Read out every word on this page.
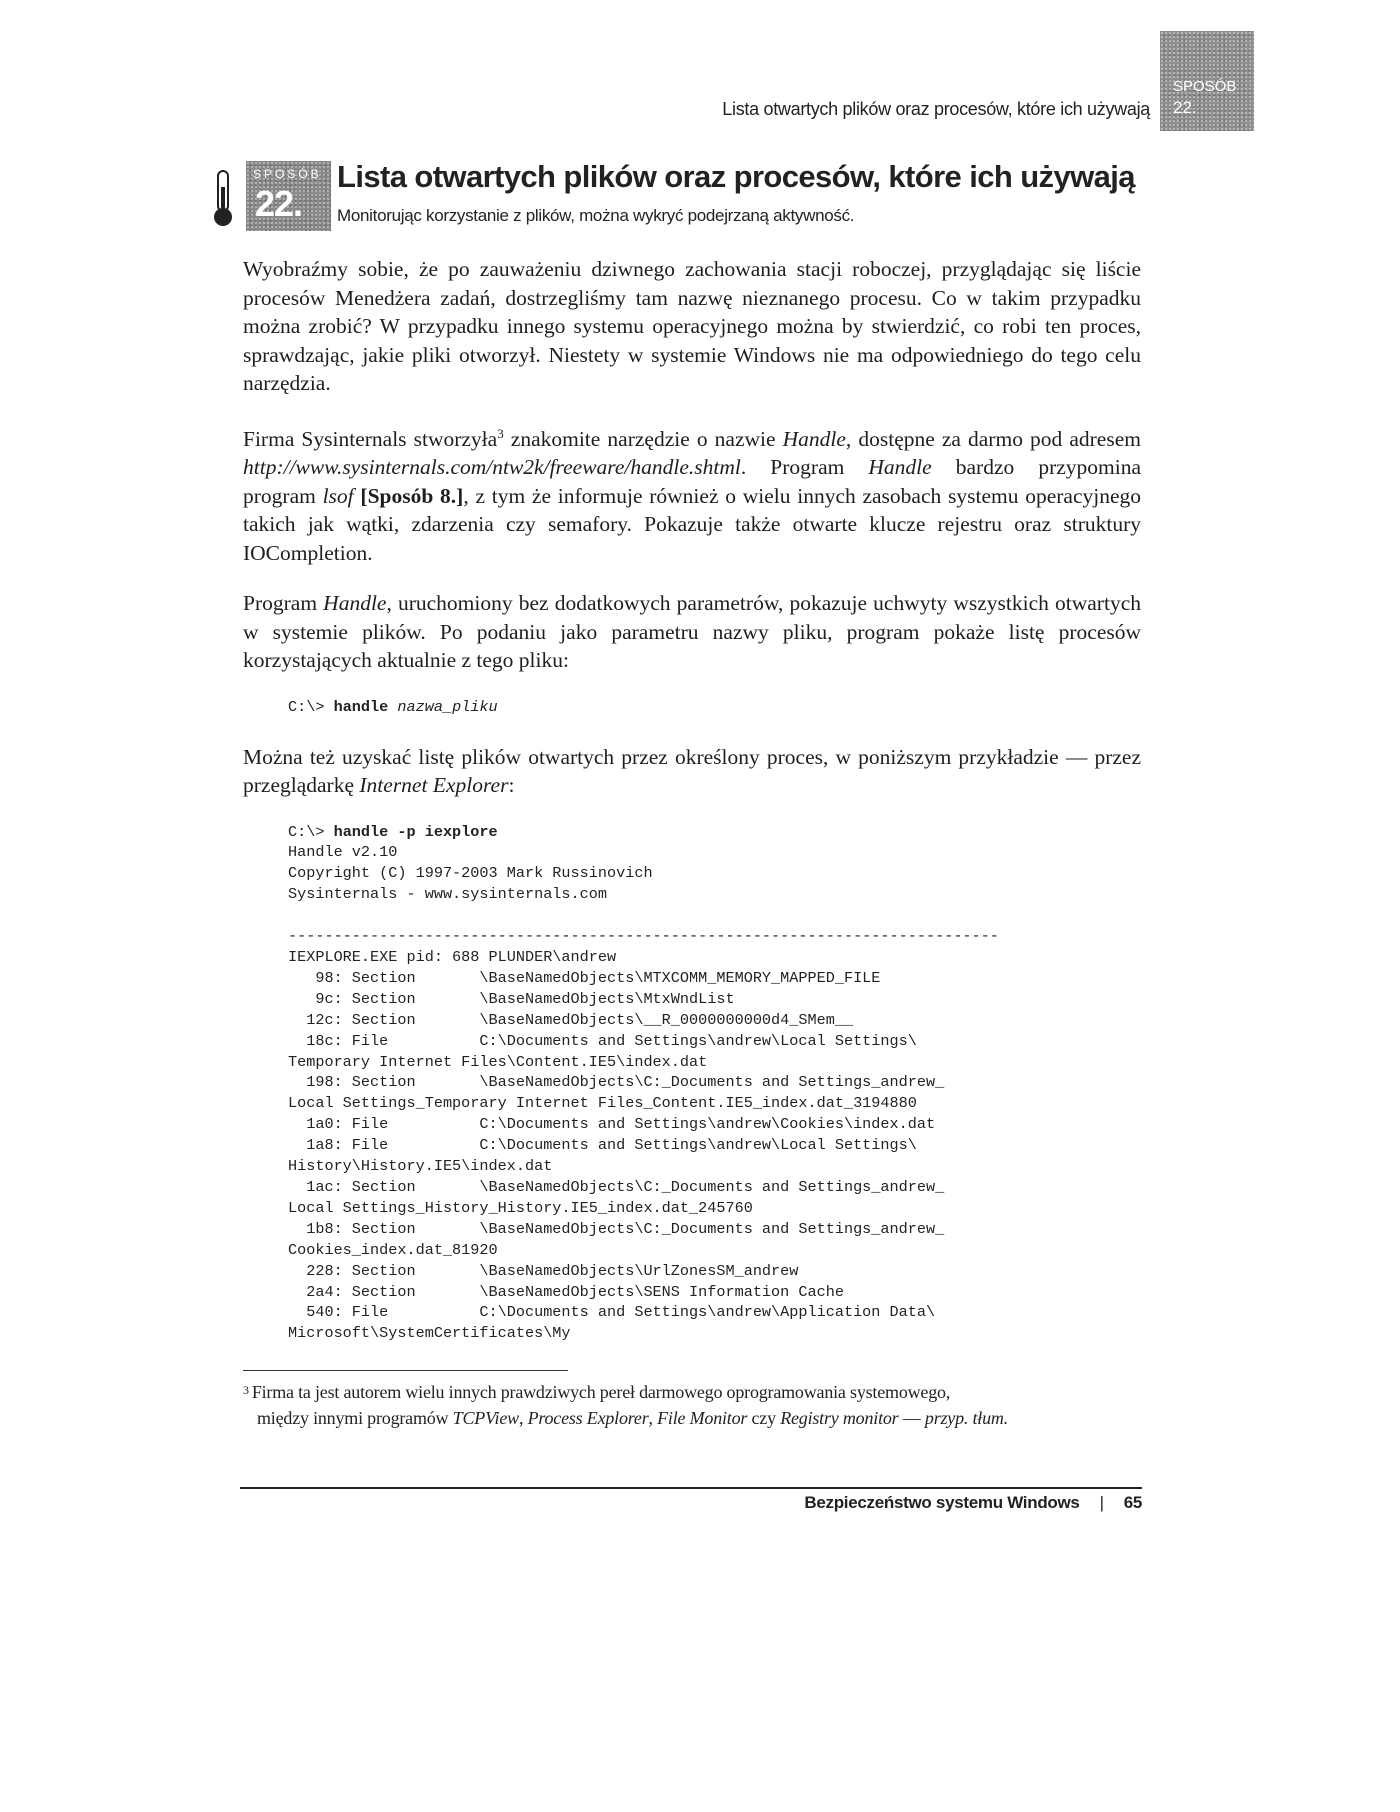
Lista otwartych plików oraz procesów, które ich używają
SPOSÓB
22.
SPOSÓB
22.
Lista otwartych plików oraz procesów, które ich używają
Monitorując korzystanie z plików, można wykryć podejrzaną aktywność.

Wyobraźmy sobie, że po zauważeniu dziwnego zachowania stacji roboczej, przyglądając się liście procesów Menedżera zadań, dostrzegliśmy tam nazwę nieznanego procesu. Co w takim przypadku można zrobić? W przypadku innego systemu operacyjnego można by stwierdzić, co robi ten proces, sprawdzając, jakie pliki otworzył. Niestety w systemie Windows nie ma odpowiedniego do tego celu narzędzia.

Firma Sysinternals stworzyła$^3$ znakomite narzędzie o nazwie Handle, dostępne za darmo pod adresem http://www.sysinternals.com/ntw2k/freeware/handle.shtml. Program Handle bardzo przypomina program lsof [Sposób 8.], z tym że informuje również o wielu innych zasobach systemu operacyjnego takich jak wątki, zdarzenia czy semafory. Pokazuje także otwarte klucze rejestru oraz struktury IOCompletion.

Program Handle, uruchomiony bez dodatkowych parametrów, pokazuje uchwyty wszystkich otwartych w systemie plików. Po podaniu jako parametru nazwy pliku, program pokaże listę procesów korzystających aktualnie z tego pliku:

C:\> handle nazwa_pliku

Można też uzyskać listę plików otwartych przez określony proces, w poniższym przykładzie — przez przeglądarkę Internet Explorer:

C:\> handle -p iexplore
Handle v2.10
Copyright (C) 1997-2003 Mark Russinovich
Sysinternals - www.sysinternals.com

------------------------------------------------------------------------------
IEXPLORE.EXE pid: 688 PLUNDER\andrew
98: Section       \BaseNamedObjects\MTXCOMM_MEMORY_MAPPED_FILE
9c: Section       \BaseNamedObjects\MtxWndList
12c: Section       \BaseNamedObjects\__R_0000000000d4_SMem__
18c: File          C:\Documents and Settings\andrew\Local Settings\
Temporary Internet Files\Content.IE5\index.dat
198: Section       \BaseNamedObjects\C:_Documents and Settings_andrew_
Local Settings_Temporary Internet Files_Content.IE5_index.dat_3194880
1a0: File          C:\Documents and Settings\andrew\Cookies\index.dat
1a8: File          C:\Documents and Settings\andrew\Local Settings\
History\History.IE5\index.dat
1ac: Section       \BaseNamedObjects\C:_Documents and Settings_andrew_
Local Settings_History_History.IE5_index.dat_245760
1b8: Section       \BaseNamedObjects\C:_Documents and Settings_andrew_
Cookies_index.dat_81920
228: Section       \BaseNamedObjects\UrlZonesSM_andrew
2a4: Section       \BaseNamedObjects\SENS Information Cache
540: File          C:\Documents and Settings\andrew\Application Data\
Microsoft\SystemCertificates\My
$^3$ Firma ta jest autorem wielu innych prawdziwych pereł darmowego oprogramowania systemowego,
między innymi programów TCPView, Process Explorer, File Monitor czy Registry monitor — przyp. tłum.
Bezpieczeństwo systemu Windows | 65
